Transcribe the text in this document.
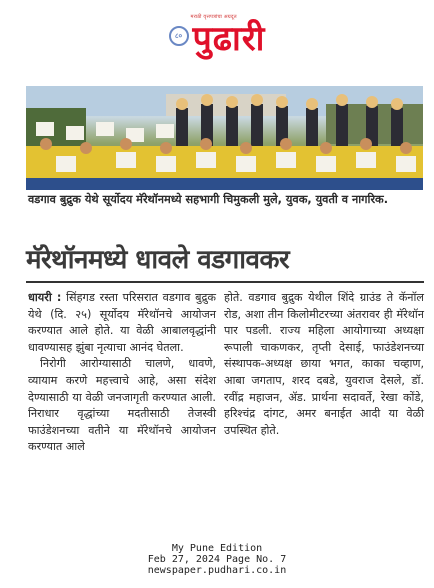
८०
मराठी वृत्तपत्रांचा अग्रदूत
पुढारी
वडगाव बुद्रुक येथे सूर्योदय मॅरेथॉनमध्ये सहभागी चिमुकली मुले, युवक, युवती व नागरिक.
मॅरेथॉनमध्ये धावले वडगावकर

धायरी : सिंहगड रस्ता परिसरात वडगाव बुद्रुक येथे (दि. २५) सूर्योदय मॅरेथॉनचे आयोजन करण्यात आले होते. या वेळी आबालवृद्धांनी धावण्यासह झुंबा नृत्याचा आनंद घेतला.

निरोगी आरोग्यासाठी चालणे, धावणे, व्यायाम करणे महत्त्वाचे आहे, असा संदेश देण्यासाठी या वेळी जनजागृती करण्यात आली. निराधार वृद्धांच्या मदतीसाठी तेजस्वी फाउंडेशनच्या वतीने या मॅरेथॉनचे आयोजन करण्यात आले

होते. वडगाव बुद्रुक येथील शिंदे ग्राउंड ते कॅनॉल रोड, अशा तीन किलोमीटरच्या अंतरावर ही मॅरेथॉन पार पडली. राज्य महिला आयोगाच्या अध्यक्षा रूपाली चाकणकर, तृप्ती देसाई, फाउंडेशनच्या संस्थापक-अध्यक्ष छाया भगत, काका चव्हाण, आबा जगताप, शरद दबडे, युवराज देसले, डॉ. रवींद्र महाजन, ॲड. प्रार्थना सदावर्ते, रेखा कोंडे, हरिश्चंद्र दांगट, अमर बनाईत आदी या वेळी उपस्थित होते.

My Pune Edition
Feb 27, 2024 Page No. 7
newspaper.pudhari.co.in
